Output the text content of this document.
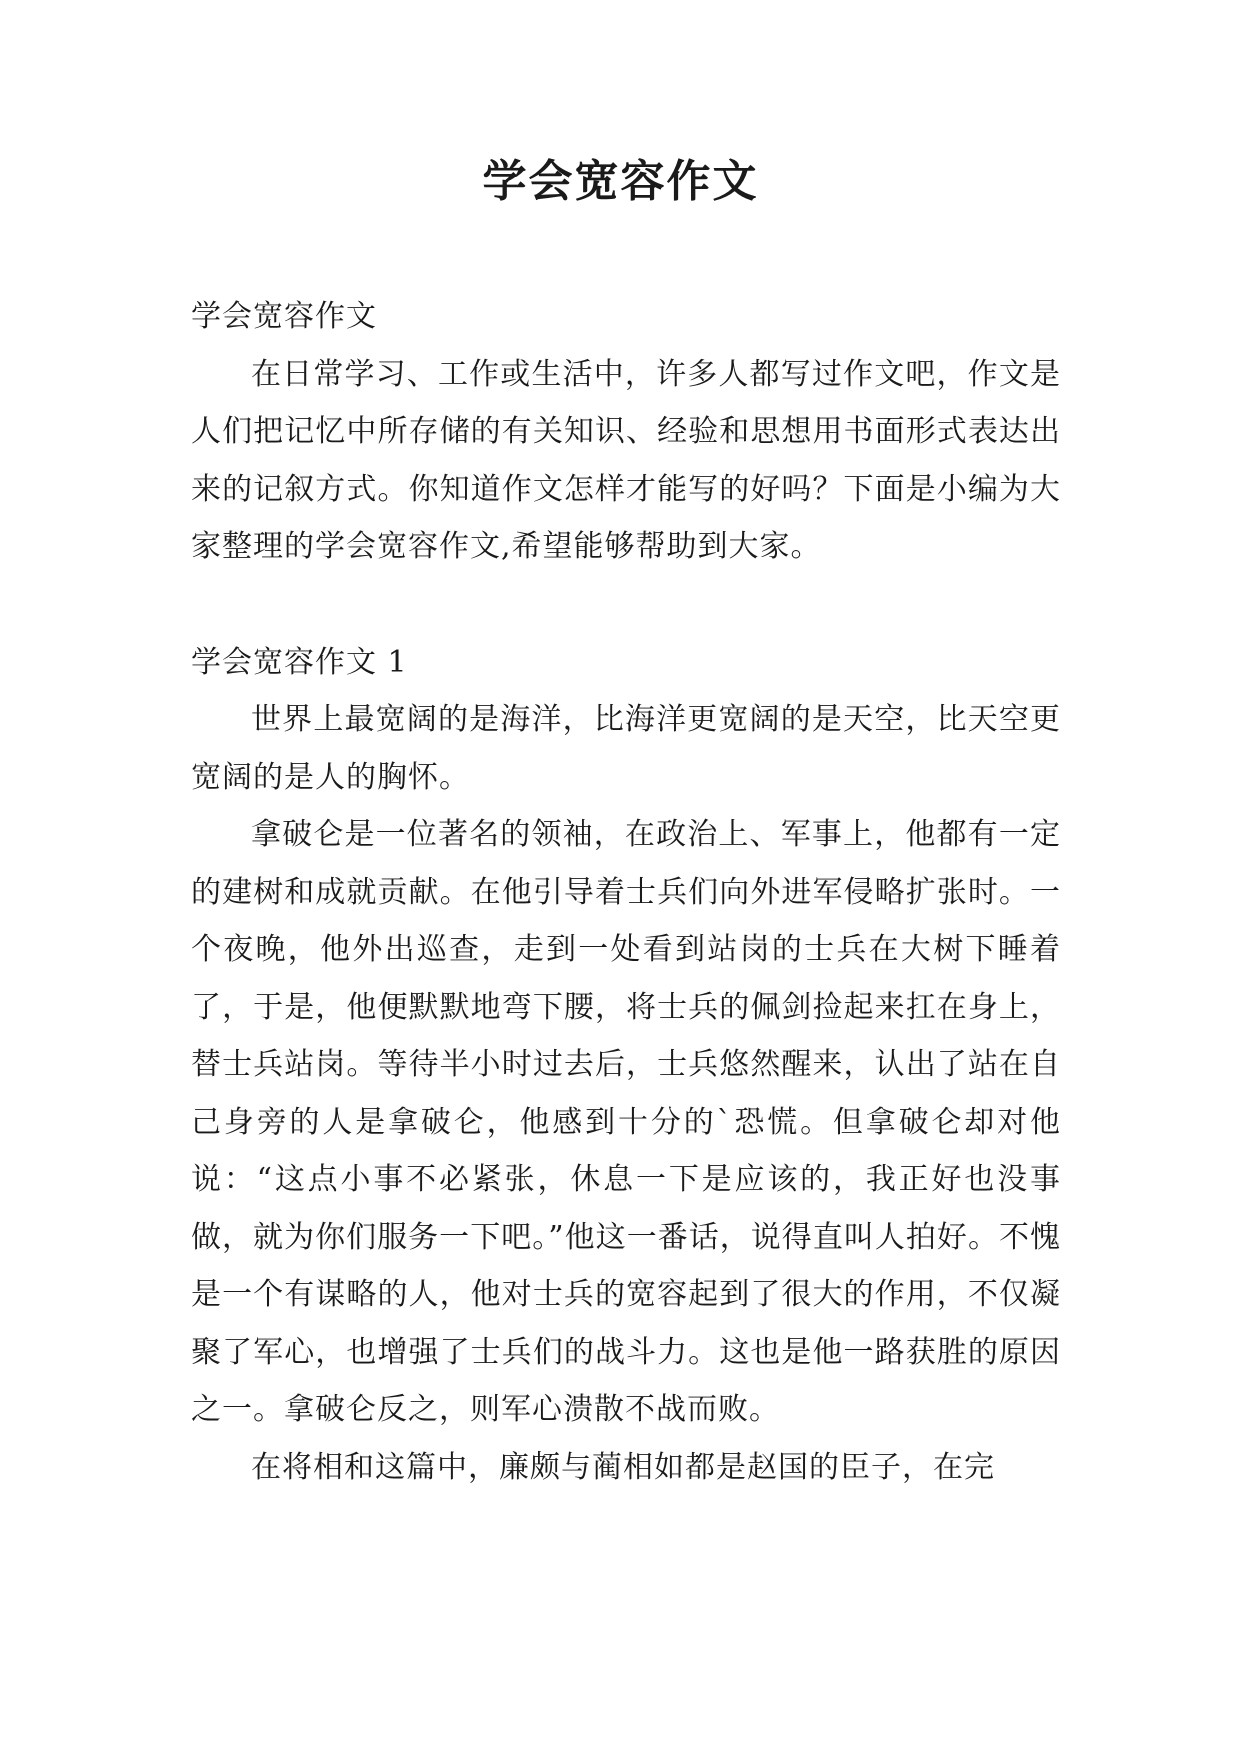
学会宽容作文

学会宽容作文

在日常学习、工作或生活中，许多人都写过作文吧，作文是人们把记忆中所存储的有关知识、经验和思想用书面形式表达出来的记叙方式。你知道作文怎样才能写的好吗？下面是小编为大家整理的学会宽容作文,希望能够帮助到大家。

学会宽容作文 1

世界上最宽阔的是海洋，比海洋更宽阔的是天空，比天空更宽阔的是人的胸怀。

拿破仑是一位著名的领袖，在政治上、军事上，他都有一定的建树和成就贡献。在他引导着士兵们向外进军侵略扩张时。一个夜晚，他外出巡查，走到一处看到站岗的士兵在大树下睡着了，于是，他便默默地弯下腰，将士兵的佩剑捡起来扛在身上，替士兵站岗。等待半小时过去后，士兵悠然醒来，认出了站在自己身旁的人是拿破仑，他感到十分的`恐慌。但拿破仑却对他说：“这点小事不必紧张，休息一下是应该的，我正好也没事做，就为你们服务一下吧。”他这一番话，说得直叫人拍好。不愧是一个有谋略的人，他对士兵的宽容起到了很大的作用，不仅凝聚了军心，也增强了士兵们的战斗力。这也是他一路获胜的原因之一。拿破仑反之，则军心溃散不战而败。

在将相和这篇中，廉颇与蔺相如都是赵国的臣子，在完
